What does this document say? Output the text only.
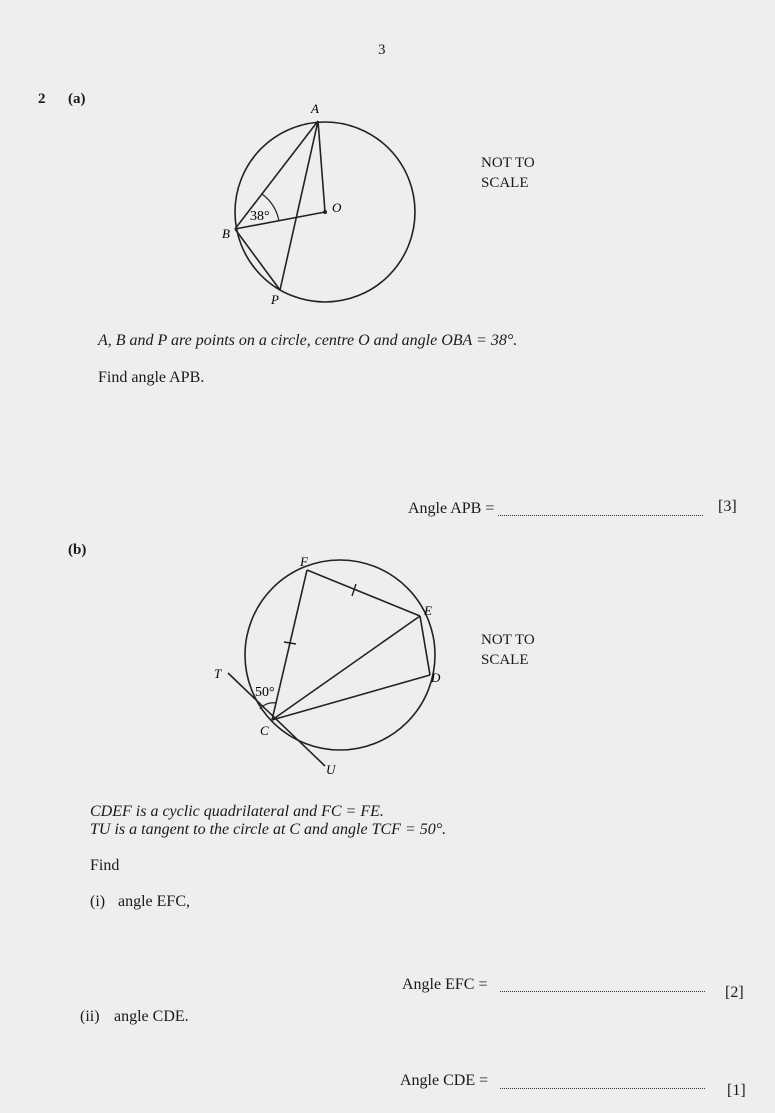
3
2 (a)
A
B
O
P
38°
NOT TO
SCALE
A, B and P are points on a circle, centre O and angle OBA = 38°.
Find angle APB.
Angle APB =	[3]
(b)
F
E
D
C
T
U
50°
NOT TO
SCALE
CDEF is a cyclic quadrilateral and FC = FE.
TU is a tangent to the circle at C and angle TCF = 50°.
Find
(i) angle EFC,
Angle EFC =	[2]
(ii) angle CDE.
Angle CDE =
[1]
